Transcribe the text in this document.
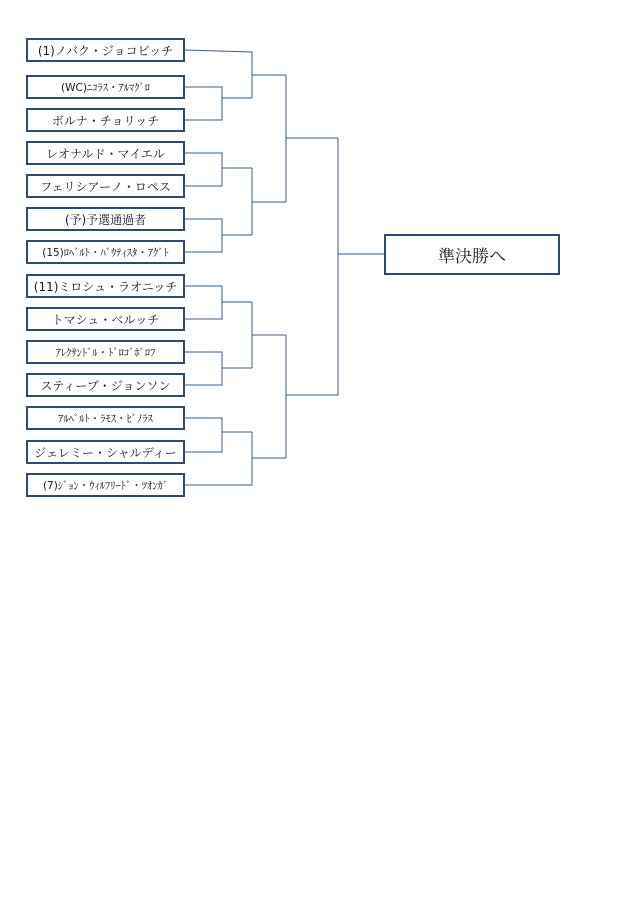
(1)ノバク・ジョコビッチ
(WC)ﾆｺﾗｽ・ｱﾙﾏｸﾞﾛ
ボルナ・チョリッチ
レオナルド・マイエル
フェリシアーノ・ロペス
(予)予選通過者
(15)ﾛﾍﾞﾙﾄ・ﾊﾞｳﾃｨｽﾀ・ｱｸﾞﾄ
(11)ミロシュ・ラオニッチ
トマシュ・ベルッチ
ｱﾚｸｻﾝﾄﾞﾙ・ﾄﾞﾛｺﾞﾎﾟﾛﾌ
スティーブ・ジョンソン
ｱﾙﾍﾞﾙﾄ・ﾗﾓｽ・ﾋﾞﾉﾗｽ
ジェレミー・シャルディー
(7)ｼﾞｮﾝ・ｳｨﾙﾌﾘｰﾄﾞ・ﾂｵﾝｶﾞ
準決勝へ
